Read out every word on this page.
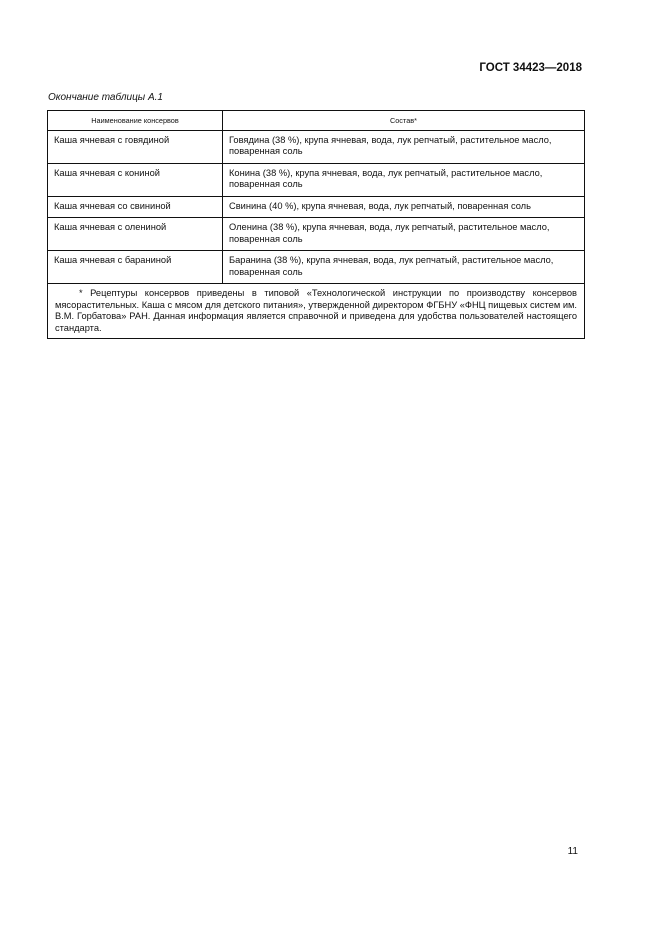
ГОСТ 34423—2018

Окончание таблицы А.1

Наименование консервов	Состав*
Каша ячневая с говядиной	Говядина (38 %), крупа ячневая, вода, лук репчатый, растительное масло, поваренная соль
Каша ячневая с кониной	Конина (38 %), крупа ячневая, вода, лук репчатый, растительное масло, поваренная соль
Каша ячневая со свининой	Свинина (40 %), крупа ячневая, вода, лук репчатый, поваренная соль
Каша ячневая с олениной	Оленина (38 %), крупа ячневая, вода, лук репчатый, растительное масло, поваренная соль
Каша ячневая с бараниной	Баранина (38 %), крупа ячневая, вода, лук репчатый, растительное масло, поваренная соль

* Рецептуры консервов приведены в типовой «Технологической инструкции по производству консервов мясорастительных. Каша с мясом для детского питания», утвержденной директором ФГБНУ «ФНЦ пищевых систем им. В.М. Горбатова» РАН. Данная информация является справочной и приведена для удобства пользователей настоящего стандарта.	

11
